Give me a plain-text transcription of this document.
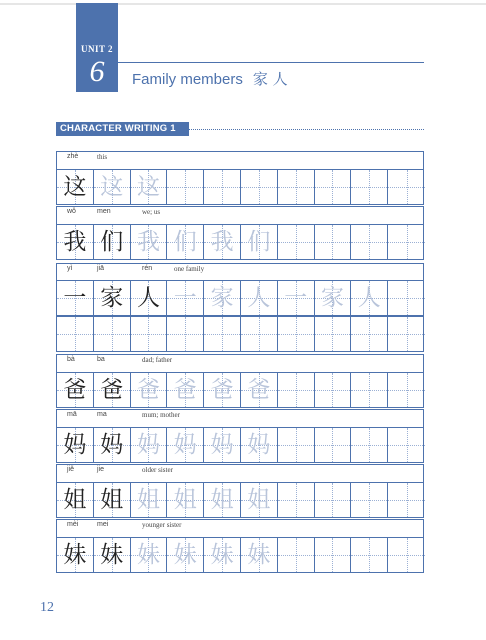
UNIT 2
6	Family members 家 人
CHARACTER WRITING 1
zhè	this
这 这 这
wǒ	men	we; us
我 们 我 们 我 们
yì	jiā	rén	one family
一 家 人 一 家 人 一 家 人
bà	ba	dad; father
爸 爸 爸 爸 爸 爸
mā	ma	mum; mother
妈 妈 妈 妈 妈 妈
jiě	jie	older sister
姐 姐 姐 姐 姐 姐
mèi	mei	younger sister
妹 妹 妹 妹 妹 妹
12
